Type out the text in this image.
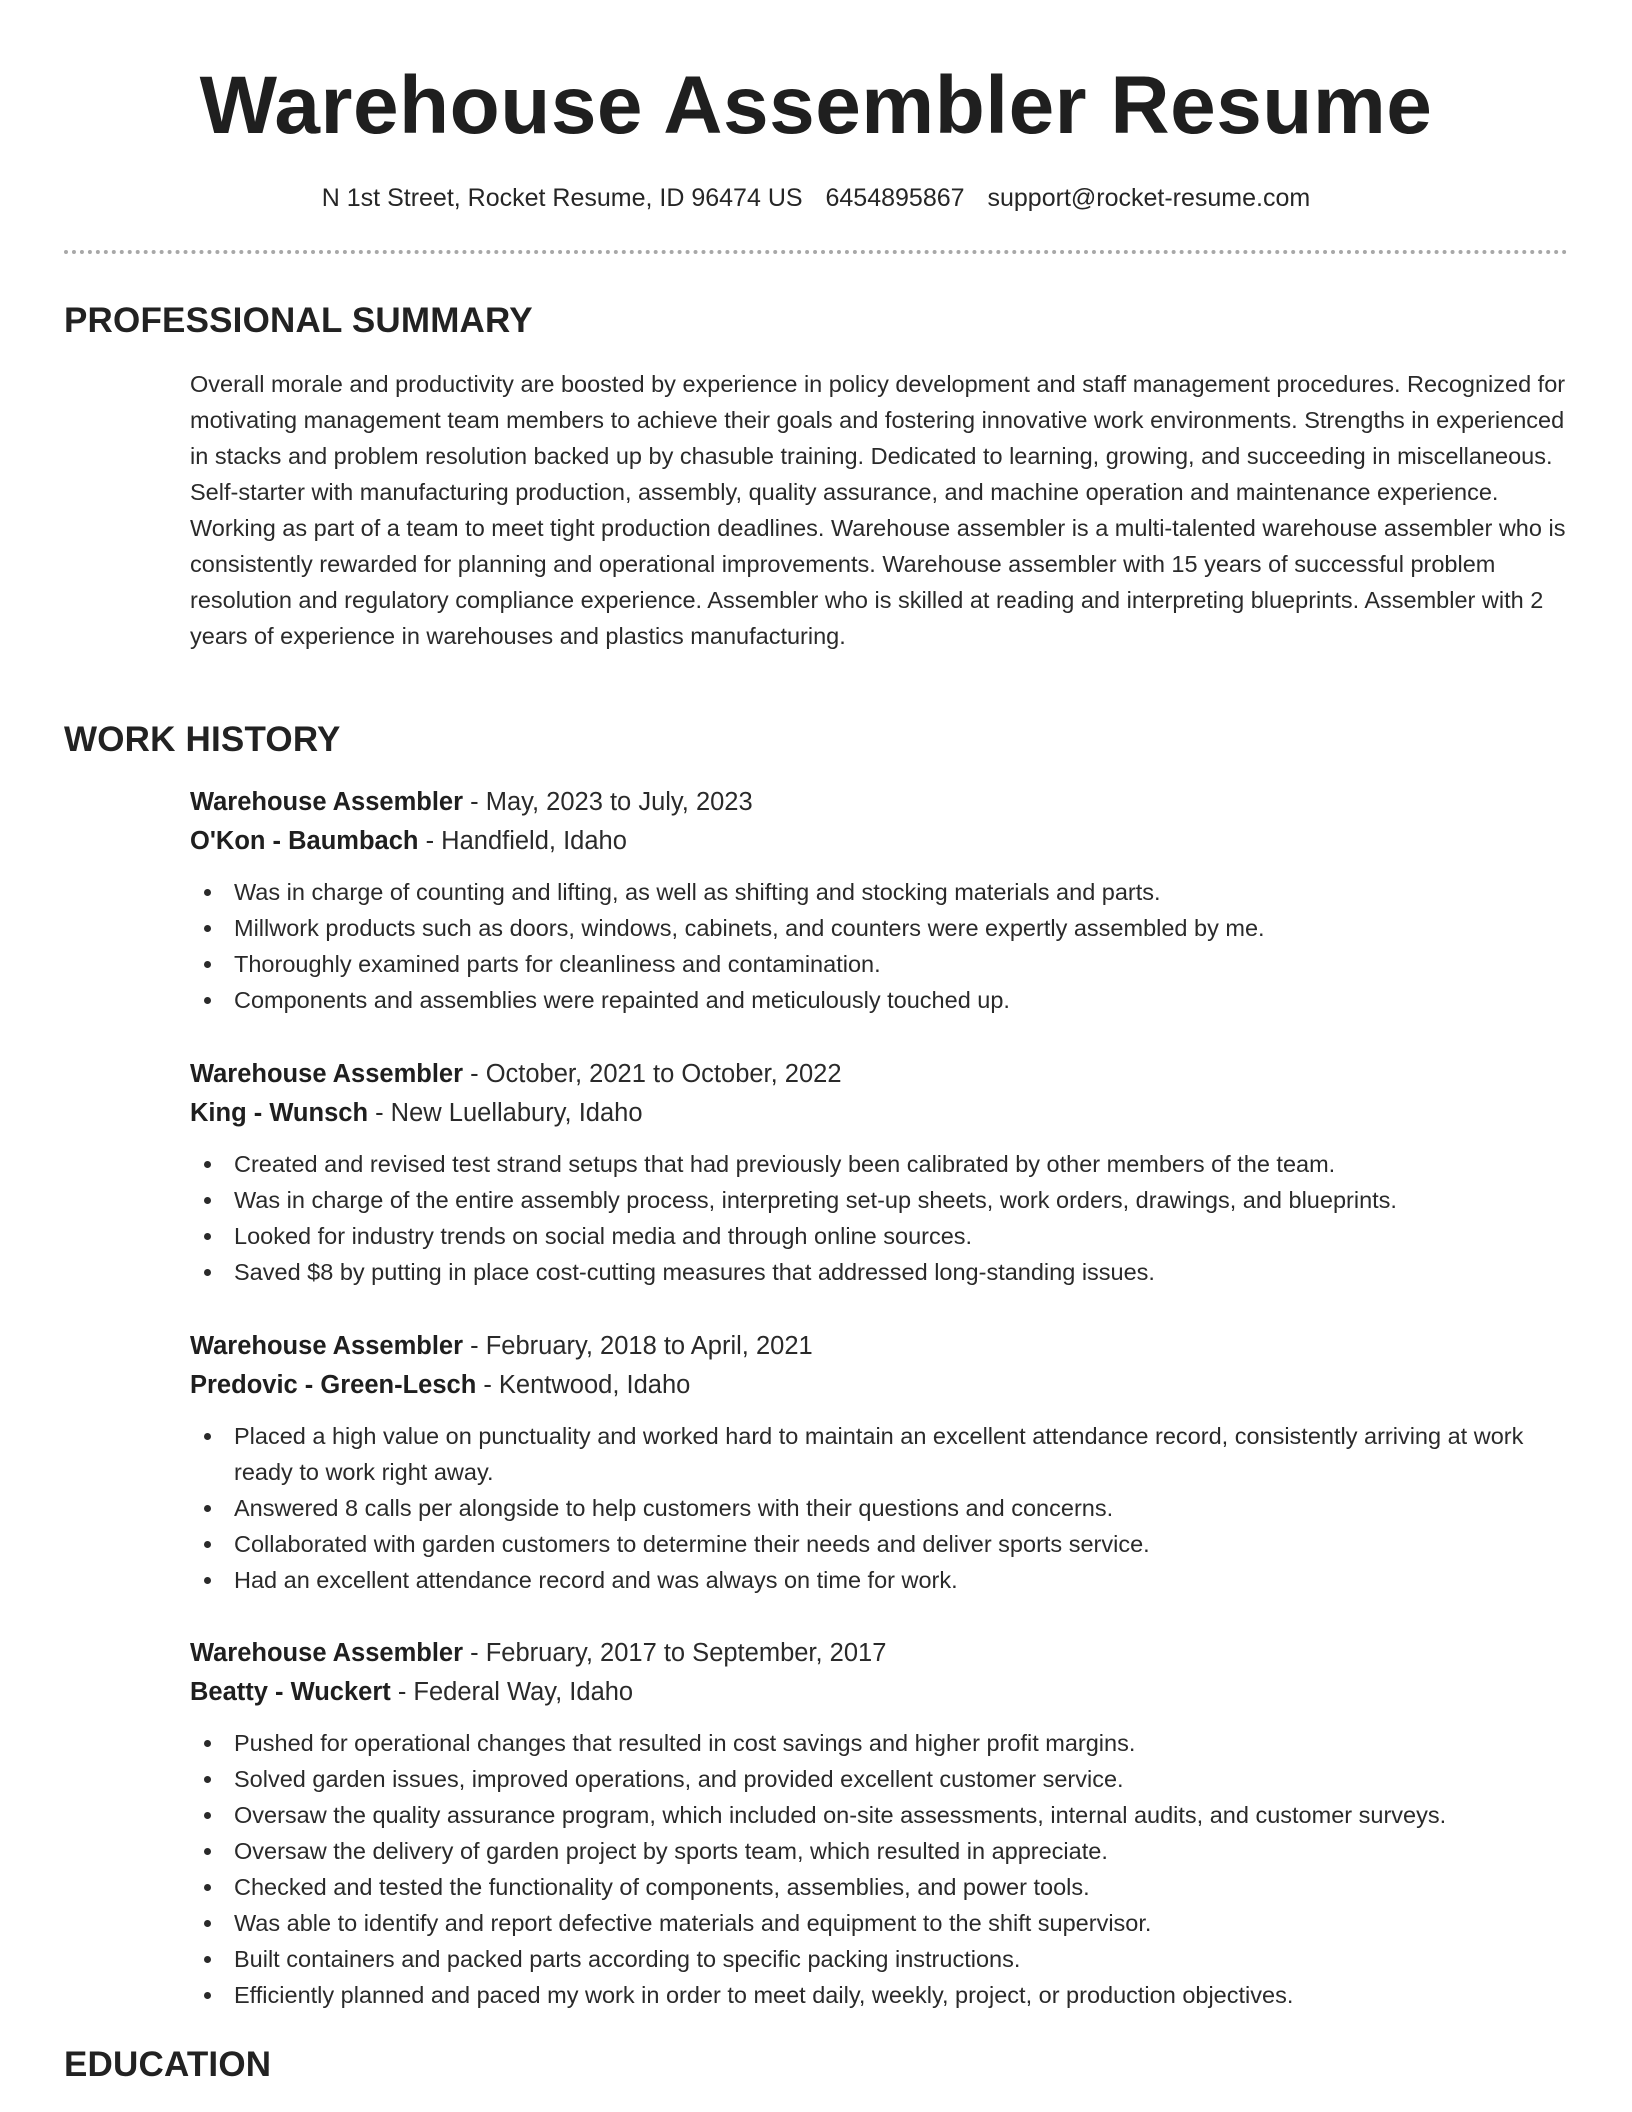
Warehouse Assembler Resume
N 1st Street, Rocket Resume, ID 96474 US 6454895867 support@rocket-resume.com
PROFESSIONAL SUMMARY

Overall morale and productivity are boosted by experience in policy development and staff management procedures. Recognized for motivating management team members to achieve their goals and fostering innovative work environments. Strengths in experienced in stacks and problem resolution backed up by chasuble training. Dedicated to learning, growing, and succeeding in miscellaneous. Self-starter with manufacturing production, assembly, quality assurance, and machine operation and maintenance experience. Working as part of a team to meet tight production deadlines. Warehouse assembler is a multi-talented warehouse assembler who is consistently rewarded for planning and operational improvements. Warehouse assembler with 15 years of successful problem resolution and regulatory compliance experience. Assembler who is skilled at reading and interpreting blueprints. Assembler with 2 years of experience in warehouses and plastics manufacturing.

WORK HISTORY
Warehouse Assembler - May, 2023 to July, 2023
O'Kon - Baumbach - Handfield, Idaho
Was in charge of counting and lifting, as well as shifting and stocking materials and parts.
Millwork products such as doors, windows, cabinets, and counters were expertly assembled by me.
Thoroughly examined parts for cleanliness and contamination.
Components and assemblies were repainted and meticulously touched up.
Warehouse Assembler - October, 2021 to October, 2022
King - Wunsch - New Luellabury, Idaho
Created and revised test strand setups that had previously been calibrated by other members of the team.
Was in charge of the entire assembly process, interpreting set-up sheets, work orders, drawings, and blueprints.
Looked for industry trends on social media and through online sources.
Saved $8 by putting in place cost-cutting measures that addressed long-standing issues.
Warehouse Assembler - February, 2018 to April, 2021
Predovic - Green-Lesch - Kentwood, Idaho
Placed a high value on punctuality and worked hard to maintain an excellent attendance record, consistently arriving at work ready to work right away.
Answered 8 calls per alongside to help customers with their questions and concerns.
Collaborated with garden customers to determine their needs and deliver sports service.
Had an excellent attendance record and was always on time for work.
Warehouse Assembler - February, 2017 to September, 2017
Beatty - Wuckert - Federal Way, Idaho
Pushed for operational changes that resulted in cost savings and higher profit margins.
Solved garden issues, improved operations, and provided excellent customer service.
Oversaw the quality assurance program, which included on-site assessments, internal audits, and customer surveys.
Oversaw the delivery of garden project by sports team, which resulted in appreciate.
Checked and tested the functionality of components, assemblies, and power tools.
Was able to identify and report defective materials and equipment to the shift supervisor.
Built containers and packed parts according to specific packing instructions.
Efficiently planned and paced my work in order to meet daily, weekly, project, or production objectives.
EDUCATION
